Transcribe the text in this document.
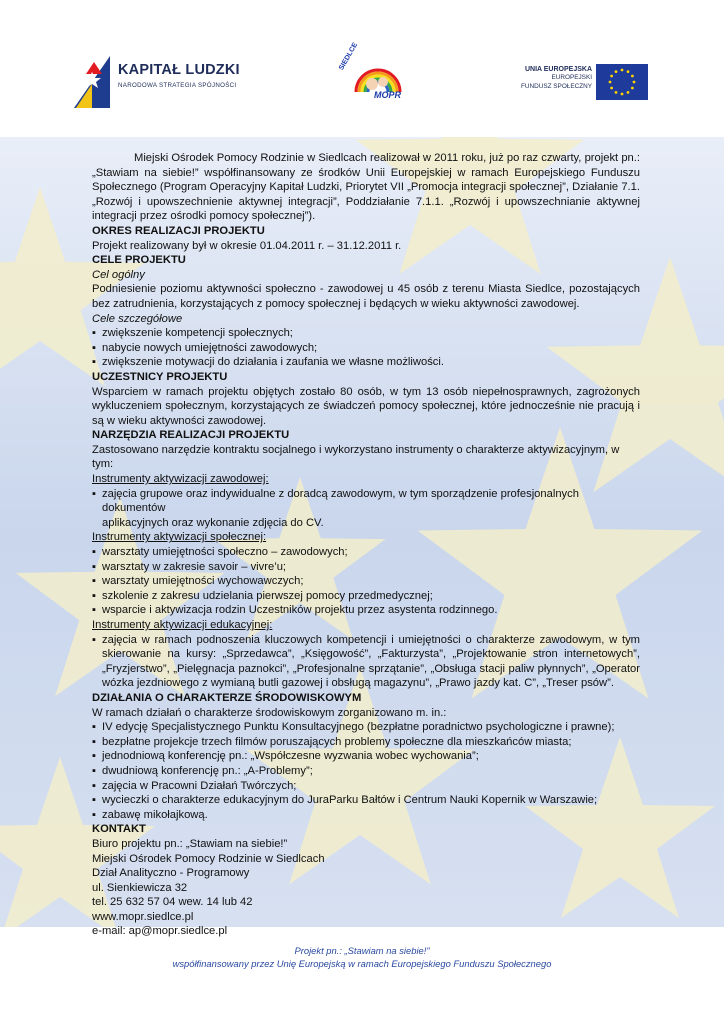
KAPITAŁ LUDZKI
NARODOWA STRATEGIA SPÓJNOŚCI
SIEDLCE
MOPR
UNIA EUROPEJSKA
EUROPEJSKI
FUNDUSZ SPOŁECZNY

Miejski Ośrodek Pomocy Rodzinie w Siedlcach realizował w 2011 roku, już po raz czwarty, projekt pn.: „Stawiam na siebie!” współfinansowany ze środków Unii Europejskiej w ramach Europejskiego Funduszu Społecznego (Program Operacyjny Kapitał Ludzki, Priorytet VII „Promocja integracji społecznej”, Działanie 7.1. „Rozwój i upowszechnienie aktywnej integracji”, Poddziałanie 7.1.1. „Rozwój i upowszechnianie aktywnej integracji przez ośrodki pomocy społecznej”).

OKRES REALIZACJI PROJEKTU

Projekt realizowany był w okresie 01.04.2011 r. – 31.12.2011 r.

CELE PROJEKTU

Cel ogólny

Podniesienie poziomu aktywności społeczno - zawodowej u 45 osób z terenu Miasta Siedlce, pozostających bez zatrudnienia, korzystających z pomocy społecznej i będących w wieku aktywności zawodowej.

Cele szczegółowe

▪ zwiększenie kompetencji społecznych;

▪ nabycie nowych umiejętności zawodowych;

▪ zwiększenie motywacji do działania i zaufania we własne możliwości.

UCZESTNICY PROJEKTU

Wsparciem w ramach projektu objętych zostało 80 osób, w tym 13 osób niepełnosprawnych, zagrożonych wykluczeniem społecznym, korzystających ze świadczeń pomocy społecznej, które jednocześnie nie pracują i są w wieku aktywności zawodowej.

NARZĘDZIA REALIZACJI PROJEKTU

Zastosowano narzędzie kontraktu socjalnego i wykorzystano instrumenty o charakterze aktywizacyjnym, w tym:

Instrumenty aktywizacji zawodowej:

▪ zajęcia grupowe oraz indywidualne z doradcą zawodowym, w tym sporządzenie profesjonalnych dokumentów

aplikacyjnych oraz wykonanie zdjęcia do CV.

Instrumenty aktywizacji społecznej:

▪ warsztaty umiejętności społeczno – zawodowych;

▪ warsztaty w zakresie savoir – vivre’u;

▪ warsztaty umiejętności wychowawczych;

▪ szkolenie z zakresu udzielania pierwszej pomocy przedmedycznej;

▪ wsparcie i aktywizacja rodzin Uczestników projektu przez asystenta rodzinnego.

Instrumenty aktywizacji edukacyjnej:

▪ zajęcia w ramach podnoszenia kluczowych kompetencji i umiejętności o charakterze zawodowym, w tym skierowanie na kursy: „Sprzedawca”, „Księgowość”, „Fakturzysta”, „Projektowanie stron internetowych”, „Fryzjerstwo”, „Pielęgnacja paznokci”, „Profesjonalne sprzątanie”, „Obsługa stacji paliw płynnych”, „Operator wózka jezdniowego z wymianą butli gazowej i obsługą magazynu”, „Prawo jazdy kat. C”, „Treser psów”.

DZIAŁANIA O CHARAKTERZE ŚRODOWISKOWYM

W ramach działań o charakterze środowiskowym zorganizowano m. in.:

▪ IV edycję Specjalistycznego Punktu Konsultacyjnego (bezpłatne poradnictwo psychologiczne i prawne);

▪ bezpłatne projekcje trzech filmów poruszających problemy społeczne dla mieszkańców miasta;

▪ jednodniową konferencję pn.: „Współczesne wyzwania wobec wychowania”;

▪ dwudniową konferencję pn.: „A-Problemy”;

▪ zajęcia w Pracowni Działań Twórczych;

▪ wycieczki o charakterze edukacyjnym do JuraParku Bałtów i Centrum Nauki Kopernik w Warszawie;

▪ zabawę mikołajkową.

KONTAKT

Biuro projektu pn.: „Stawiam na siebie!”

Miejski Ośrodek Pomocy Rodzinie w Siedlcach

Dział Analityczno - Programowy

ul. Sienkiewicza 32

tel. 25 632 57 04 wew. 14 lub 42

www.mopr.siedlce.pl

e-mail: ap@mopr.siedlce.pl

Projekt pn.: „Stawiam na siebie!”
współfinansowany przez Unię Europejską w ramach Europejskiego Funduszu Społecznego
